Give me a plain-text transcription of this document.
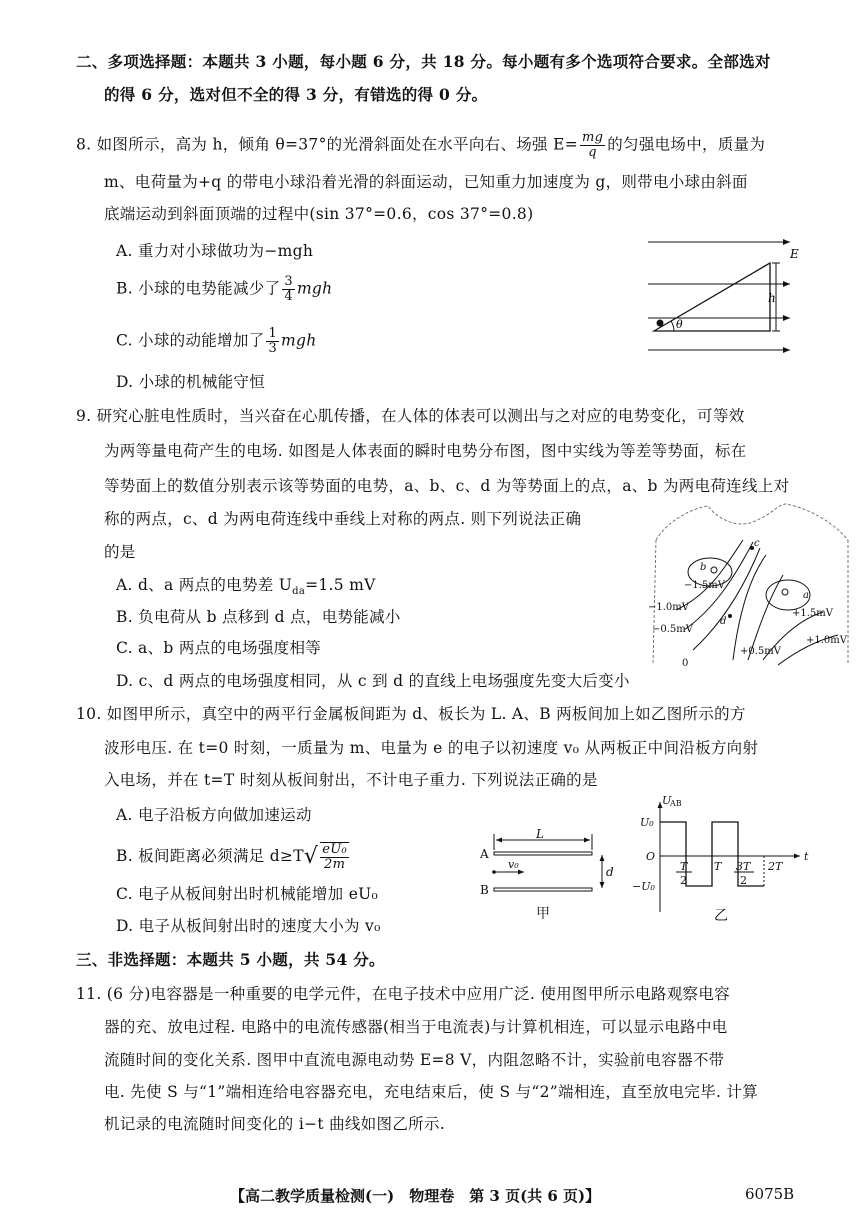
二、多项选择题：本题共 3 小题，每小题 6 分，共 18 分。每小题有多个选项符合要求。全部选对
的得 6 分，选对但不全的得 3 分，有错选的得 0 分。
8. 如图所示，高为 h，倾角 θ=37°的光滑斜面处在水平向右、场强 $E= \frac{mg}{q}$ 的匀强电场中，质量为
m、电荷量为+q 的带电小球沿着光滑的斜面运动，已知重力加速度为 g，则带电小球由斜面
底端运动到斜面顶端的过程中(sin 37°=0.6，cos 37°=0.8)
A. 重力对小球做功为−mgh
B. 小球的电势能减少了 $\frac{3}{4}$ mgh
C. 小球的动能增加了 $\frac{1}{3}$ mgh
D. 小球的机械能守恒
E
h
θ
9. 研究心脏电性质时，当兴奋在心肌传播，在人体的体表可以测出与之对应的电势变化，可等效
为两等量电荷产生的电场. 如图是人体表面的瞬时电势分布图，图中实线为等差等势面，标在
等势面上的数值分别表示该等势面的电势，a、b、c、d 为等势面上的点，a、b 为两电荷连线上对
称的两点，c、d 为两电荷连线中垂线上对称的两点. 则下列说法正确
的是
A. d、a 两点的电势差 $U_{da}=1.5$ mV
B. 负电荷从 b 点移到 d 点，电势能减小
C. a、b 两点的电场强度相等
D. c、d 两点的电场强度相同，从 c 到 d 的直线上电场强度先变大后变小
−1.5mV
−1.0mV
−0.5mV
+1.5mV
+1.0mV
+0.5mV
0
a
b
c
d
10. 如图甲所示，真空中的两平行金属板间距为 d、板长为 L. A、B 两板间加上如乙图所示的方
波形电压. 在 t=0 时刻，一质量为 m、电量为 e 的电子以初速度 v₀ 从两板正中间沿板方向射
入电场，并在 t=T 时刻从板间射出，不计电子重力. 下列说法正确的是
A. 电子沿板方向做加速运动
B. 板间距离必须满足 $d\ge T√ \frac{\text{eU₀}}{2m}$
C. 电子从板间射出时机械能增加 eU₀
D. 电子从板间射出时的速度大小为 v₀
L
A
B
v₀
d
甲
U
AB
U₀
−U₀
O
T
2
T 3T
2
2T
t
乙
三、非选择题：本题共 5 小题，共 54 分。
11. (6 分)电容器是一种重要的电学元件，在电子技术中应用广泛. 使用图甲所示电路观察电容
器的充、放电过程. 电路中的电流传感器(相当于电流表)与计算机相连，可以显示电路中电
流随时间的变化关系. 图甲中直流电源电动势 E=8 V，内阻忽略不计，实验前电容器不带
电. 先使 S 与“1”端相连给电容器充电，充电结束后，使 S 与“2”端相连，直至放电完毕. 计算
机记录的电流随时间变化的 i−t 曲线如图乙所示.
【高二教学质量检测(一)　物理卷　第 3 页(共 6 页)】	6075B
